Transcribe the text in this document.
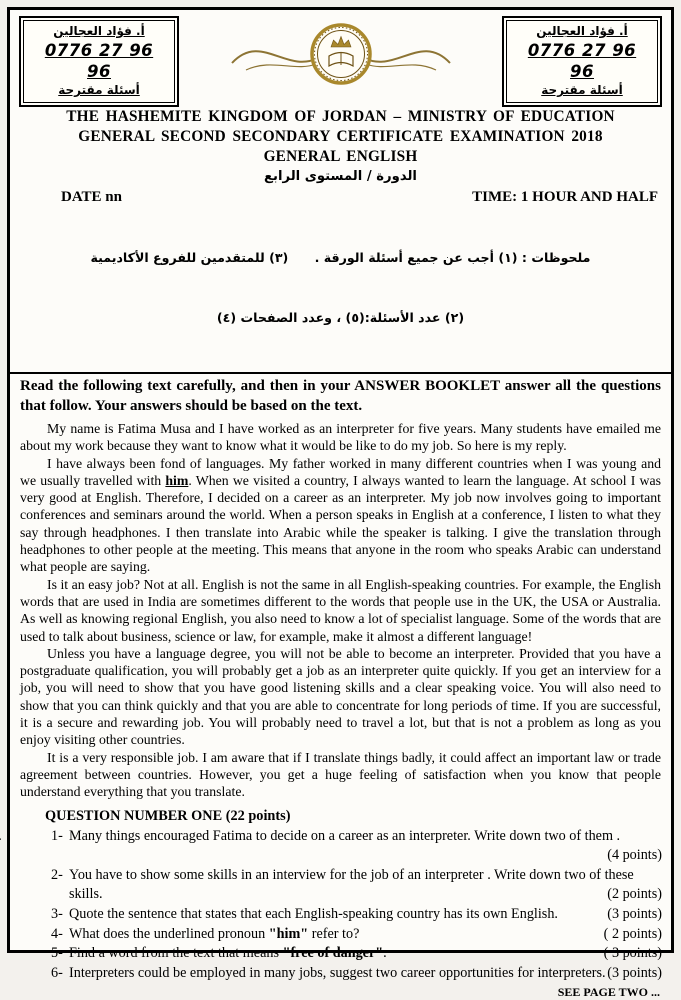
أ. فؤاد العجالين
0776 27 96 96
أسئلة مقترحة
أ. فؤاد العجالين
0776 27 96 96
أسئلة مقترحة
THE HASHEMITE KINGDOM OF JORDAN – MINISTRY OF EDUCATION
GENERAL SECOND SECONDARY CERTIFICATE EXAMINATION 2018
GENERAL ENGLISH
الدورة / المستوى الرابع
DATE nn	TIME: 1 HOUR AND HALF

ملحوظات : (١) أجب عن جميع أسئلة الورقة .      (٣) للمتقدمين للفروع الأكاديمية

(٢) عدد الأسئلة:(٥) ، وعدد الصفحات (٤)

Read the following text carefully, and then in your ANSWER BOOKLET answer all the questions that follow. Your answers should be based on the text.

My name is Fatima Musa and I have worked as an interpreter for five years. Many students have emailed me about my work because they want to know what it would be like to do my job. So here is my reply.

I have always been fond of languages. My father worked in many different countries when I was young and we usually travelled with him. When we visited a country, I always wanted to learn the language. At school I was very good at English. Therefore, I decided on a career as an interpreter. My job now involves going to important conferences and seminars around the world. When a person speaks in English at a conference, I listen to what they say through headphones. I then translate into Arabic while the speaker is talking. I give the translation through headphones to other people at the meeting. This means that anyone in the room who speaks Arabic can understand what people are saying.

Is it an easy job? Not at all. English is not the same in all English-speaking countries. For example, the English words that are used in India are sometimes different to the words that people use in the UK, the USA or Australia. As well as knowing regional English, you also need to know a lot of specialist language. Some of the words that are used to talk about business, science or law, for example, make it almost a different language!

Unless you have a language degree, you will not be able to become an interpreter. Provided that you have a postgraduate qualification, you will probably get a job as an interpreter quite quickly. If you get an interview for a job, you will need to show that you have good listening skills and a clear speaking voice. You will also need to show that you can think quickly and that you are able to concentrate for long periods of time. If you are successful, it is a secure and rewarding job. You will probably need to travel a lot, but that is not a problem as long as you enjoy visiting other countries.

It is a very responsible job. I am aware that if I translate things badly, it could affect an important law or trade agreement between countries. However, you get a huge feeling of satisfaction when you know that people understand everything that you translate.

QUESTION NUMBER ONE (22 points)
1- Many things encouraged Fatima to decide on a career as an interpreter. Write down two of them .
(4 points)
2- You have to show some skills in an interview for the job of an interpreter . Write down two of these skills.	(2 points)
3- Quote the sentence that states that each English-speaking country has its own English.	(3 points)
4- What does the underlined pronoun "him" refer to?	( 2 points)
5- Find a word from the text that means "free of danger".	( 3 points)
6- Interpreters could be employed in many jobs, suggest two career opportunities for interpreters. (3 points)
SEE PAGE TWO ...
